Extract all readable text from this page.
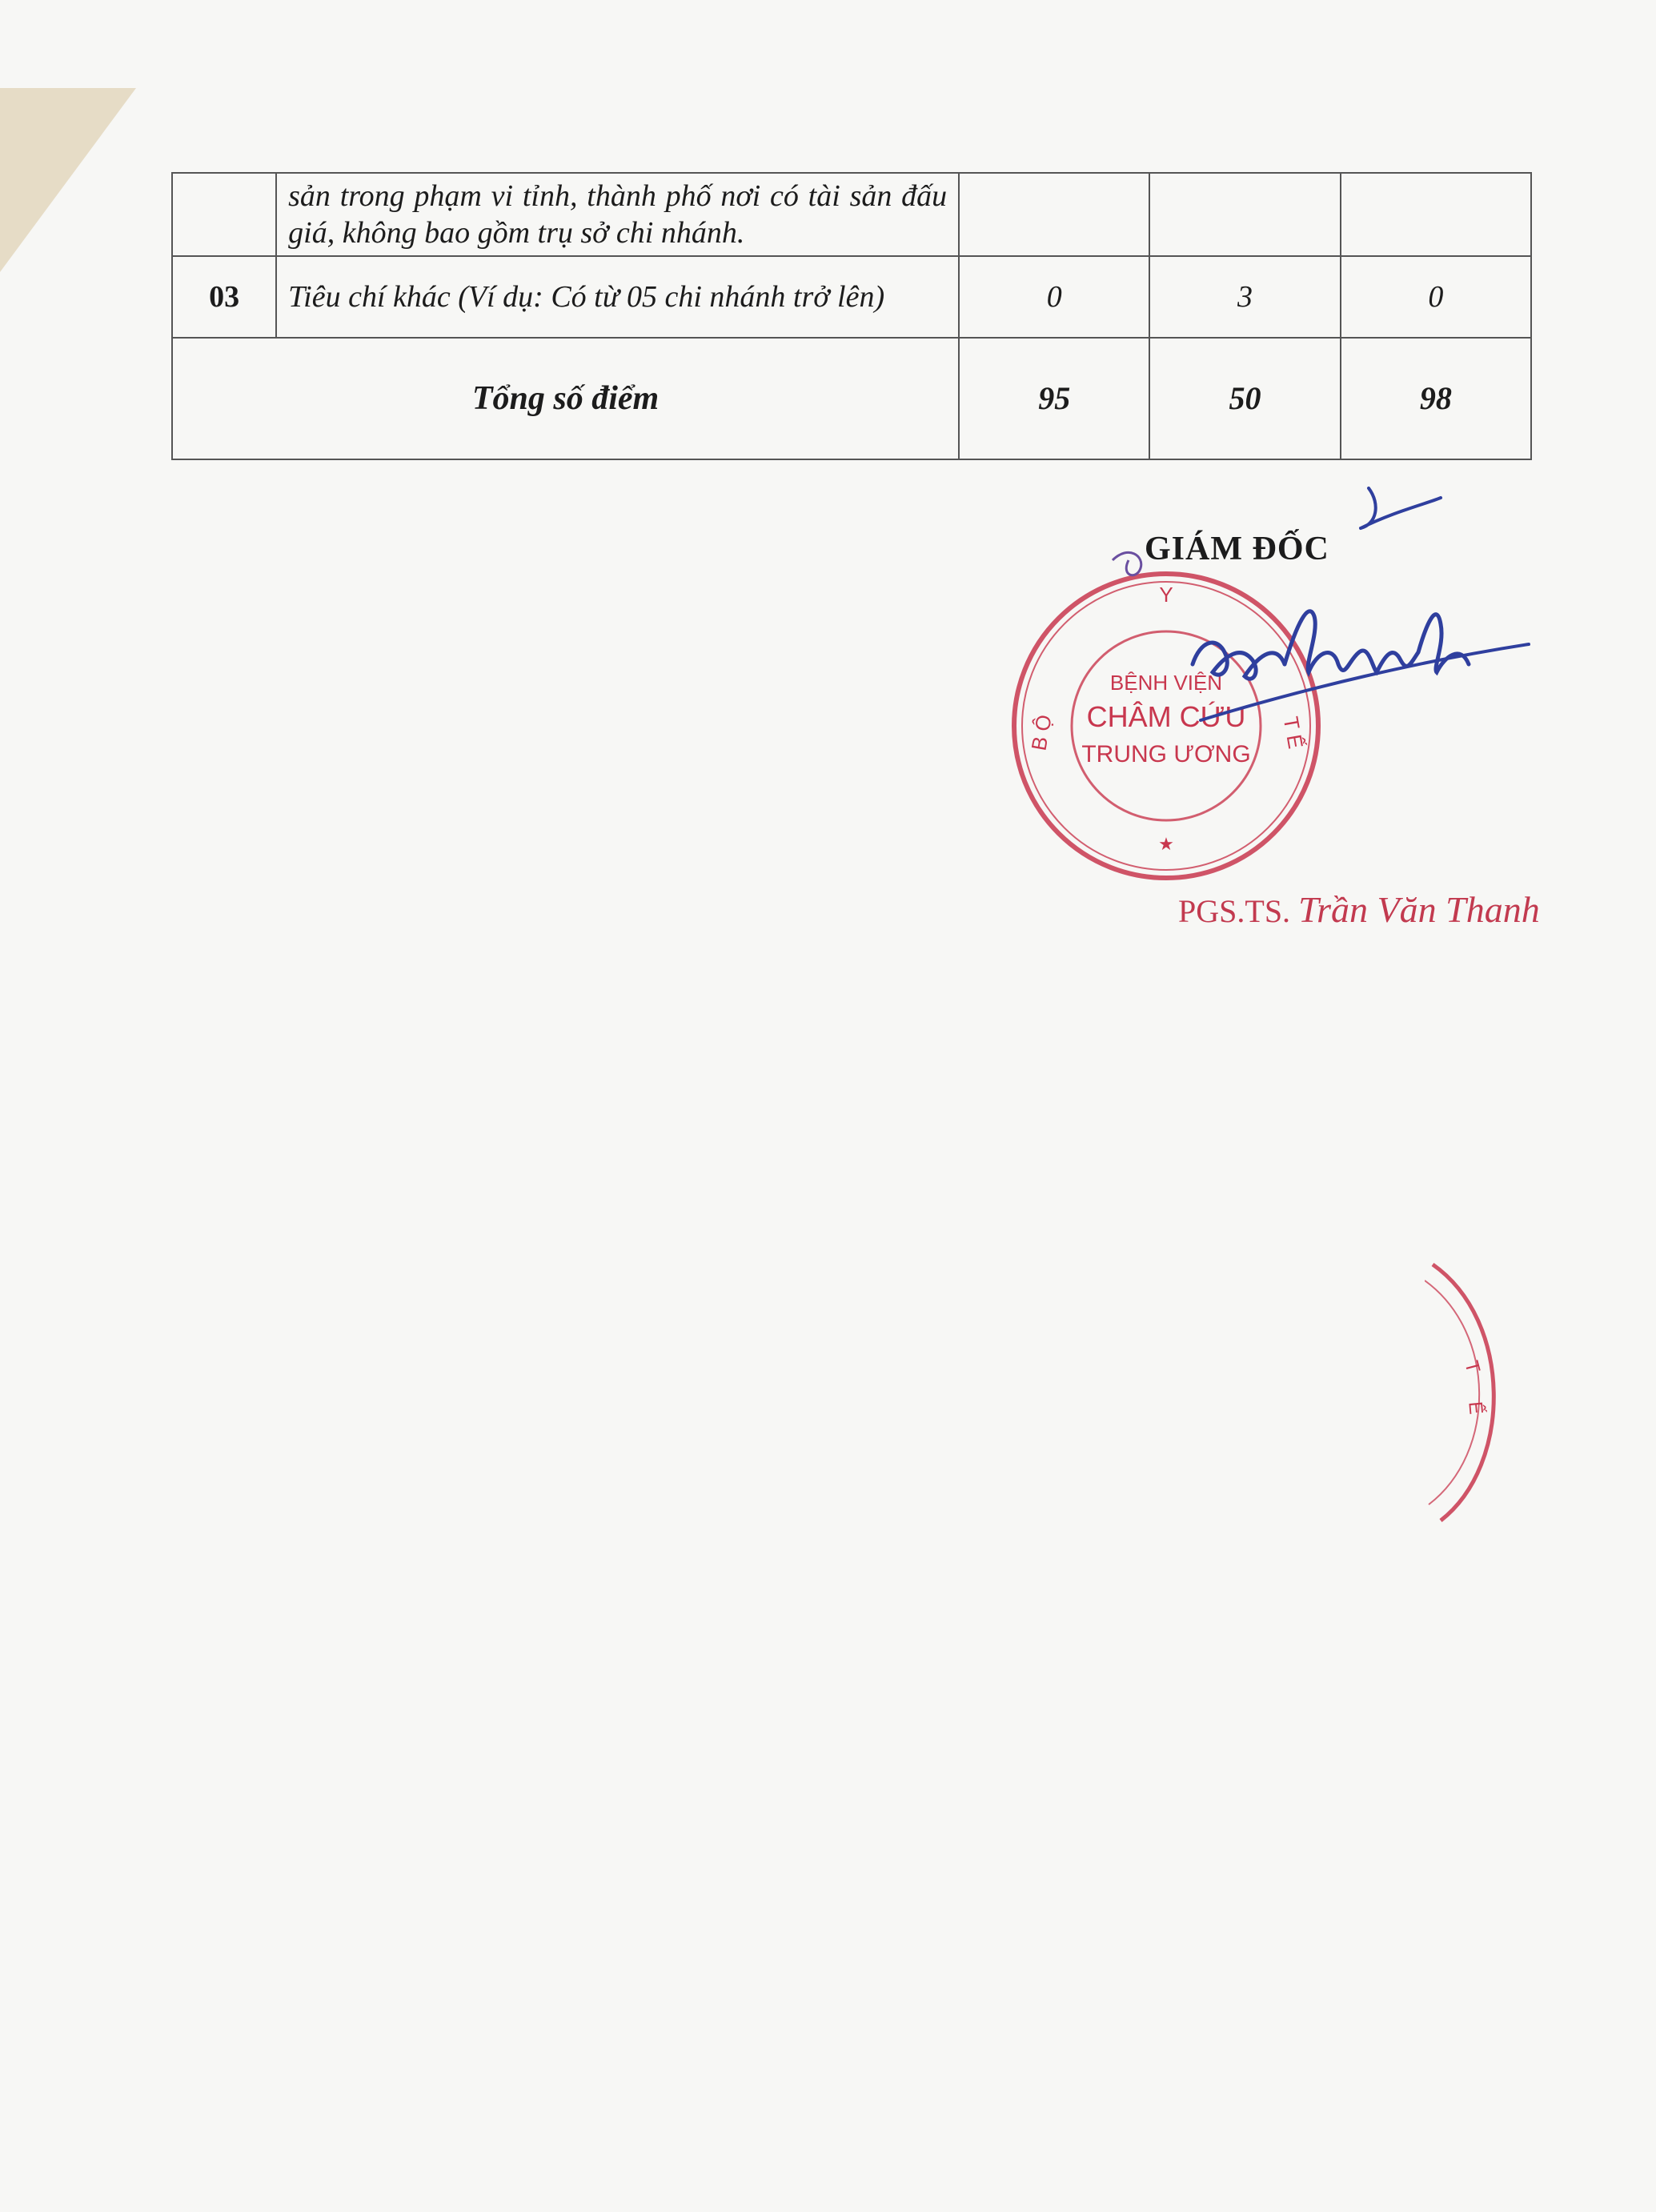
	sản trong phạm vi tỉnh, thành phố nơi có tài sản đấu giá, không bao gồm trụ sở chi nhánh.			
03	Tiêu chí khác (Ví dụ: Có từ 05 chi nhánh trở lên)	0	3	0
Tổng số điểm		95	50	98
GIÁM ĐỐC
Y
B Ộ	T Ế
BỆNH VIỆN
CHÂM CỨU
TRUNG ƯƠNG
★
PGS.TS. Trần Văn Thanh
T
Ế
